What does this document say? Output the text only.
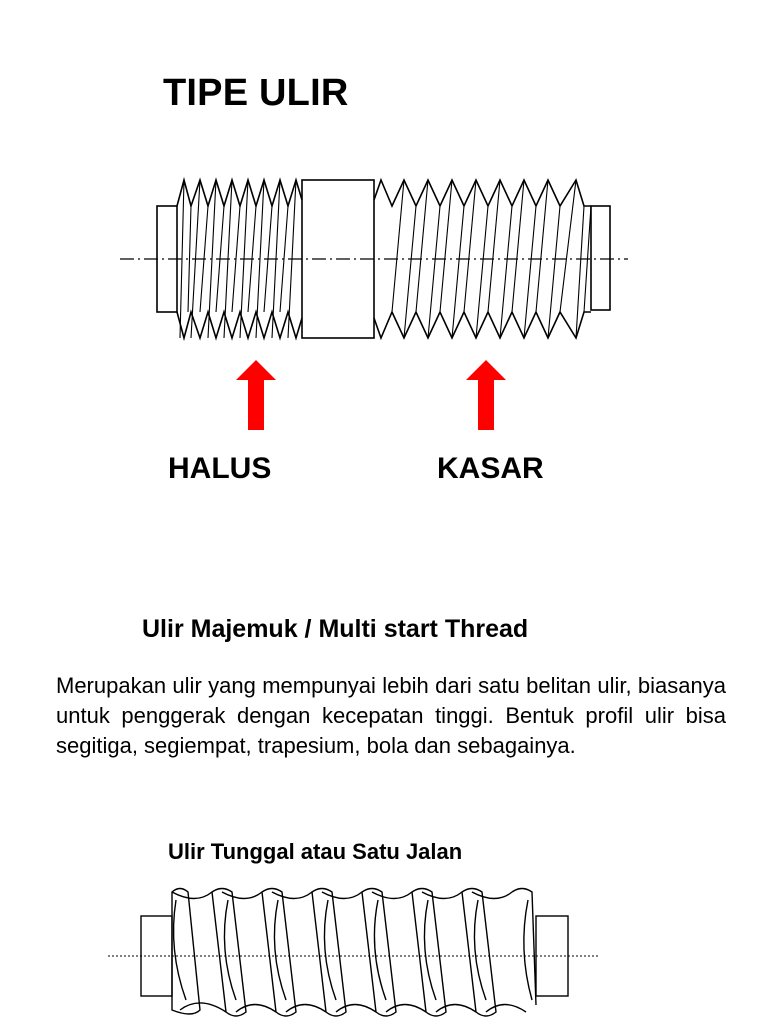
TIPE ULIR
HALUS	KASAR
Ulir Majemuk / Multi start Thread

Merupakan ulir yang mempunyai lebih dari satu belitan ulir, biasanya untuk penggerak dengan kecepatan tinggi. Bentuk profil ulir bisa segitiga, segiempat, trapesium, bola dan sebagainya.

Ulir Tunggal atau Satu Jalan
